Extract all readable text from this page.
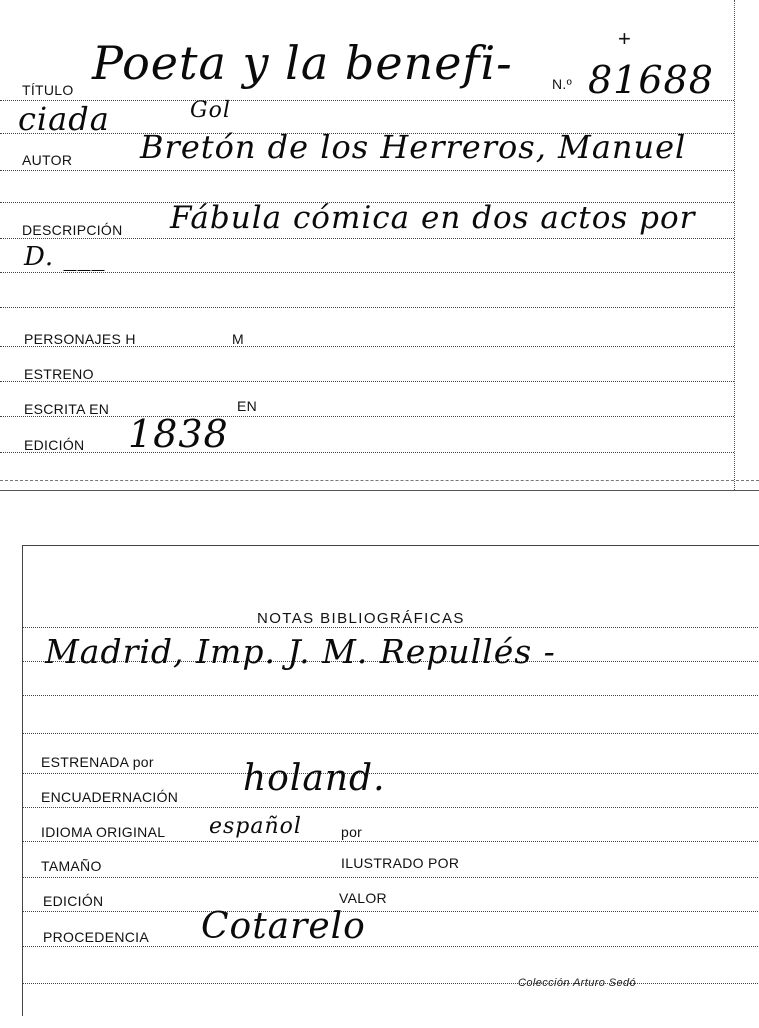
TÍTULO Poeta y la benefi-	N.º 81688
+
ciada	Gol
AUTOR Bretón de los Herreros, Manuel
DESCRIPCIÓN Fábula cómica en dos actos por
D. ___
PERSONAJES H	M
ESTRENO
ESCRITA EN	EN
EDICIÓN 1838
NOTAS BIBLIOGRÁFICAS
Madrid, Imp. J. M. Repullés -
ESTRENADA por
ENCUADERNACIÓN holand.
IDIOMA ORIGINAL español	por
TAMAÑO	ILUSTRADO POR
EDICIÓN	VALOR
PROCEDENCIA Cotarelo
Colección Arturo Sedó
